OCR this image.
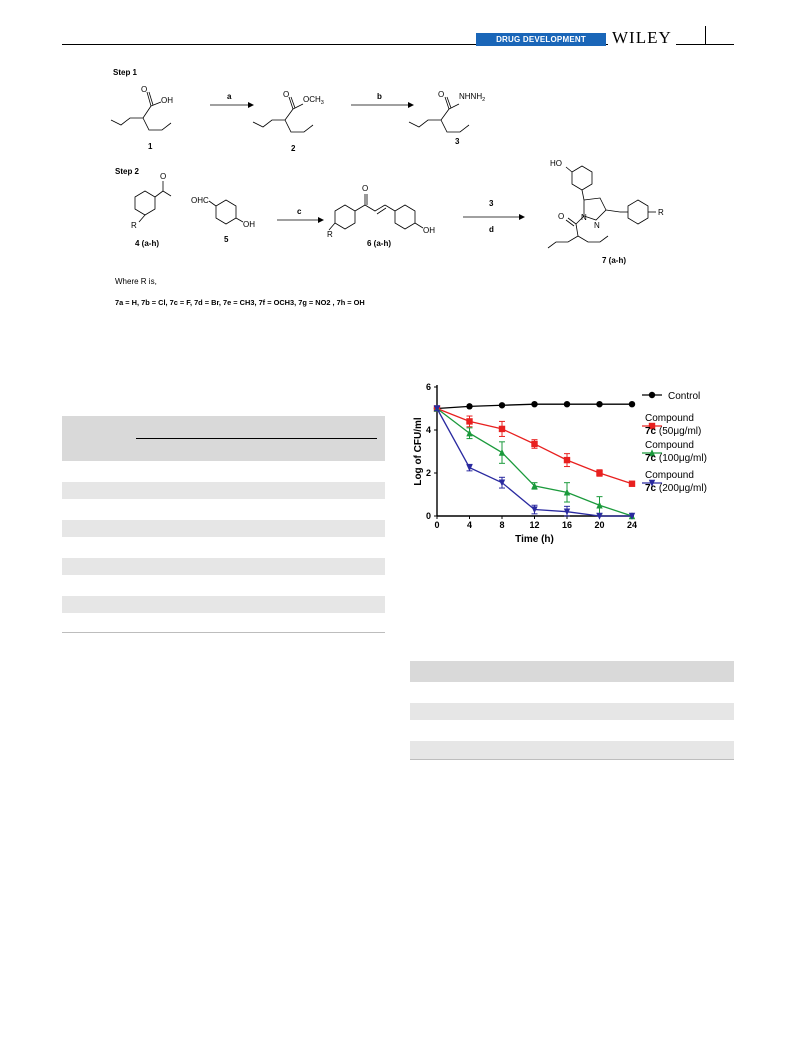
DRUG DEVELOPMENT RESEARCH
WILEY
Step 1
OH
O
1
a	O
$OCH_3$
2
b	O $NHNH_2$
3
Step 2
O
R
4 (a-h)
OHC
OH
5
c
O
R	OH
6 (a-h)
3
d
Where R is,
7a = H, 7b = Cl, 7c = F, 7d = Br, 7e = CH3, 7f = OCH3, 7g = NO2 , 7h = OH
HO
O N
N
R
7 (a-h)
0	4	8	12 16 20 24
0
2
4
6
Time (h)
Log of CFU/ml
Control
Compound
7c (50μg/ml)
Compound
7c (100μg/ml)
Compound
7c (200μg/ml)
